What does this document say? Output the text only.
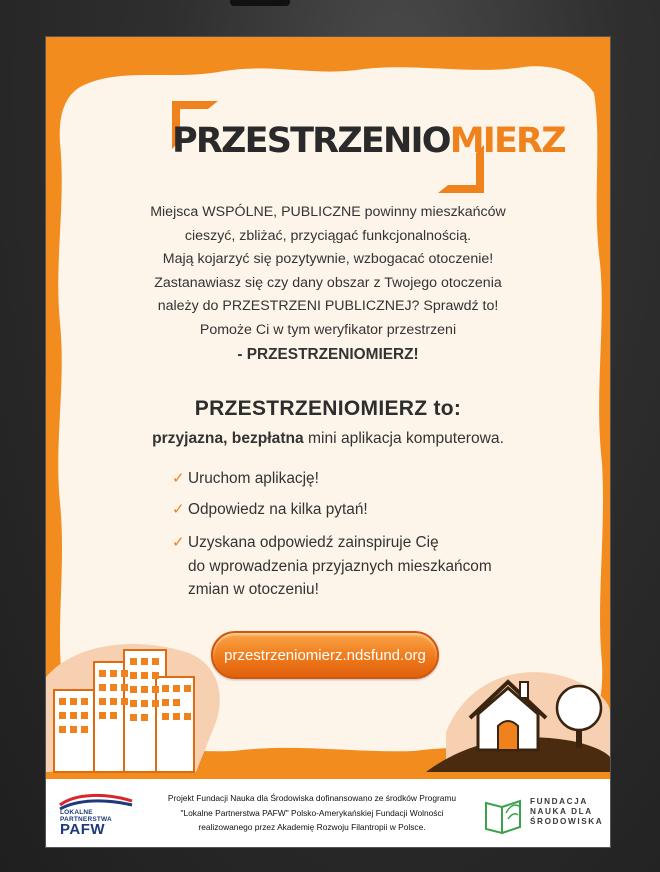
PRZESTRZENIOMIERZ
Miejsca WSPÓLNE, PUBLICZNE powinny mieszkańców
cieszyć, zbliżać, przyciągać funkcjonalnością.
Mają kojarzyć się pozytywnie, wzbogacać otoczenie!
Zastanawiasz się czy dany obszar z Twojego otoczenia
należy do PRZESTRZENI PUBLICZNEJ? Sprawdź to!
Pomoże Ci w tym weryfikator przestrzeni
- PRZESTRZENIOMIERZ!
PRZESTRZENIOMIERZ to:
przyjazna, bezpłatna mini aplikacja komputerowa.
✓ Uruchom aplikację!
✓ Odpowiedz na kilka pytań!
✓ Uzyskana odpowiedź zainspiruje Cię
do wprowadzenia przyjaznych mieszkańcom
zmian w otoczeniu!
przestrzeniomierz.ndsfund.org
LOKALNE
PARTNERSTWA
PAFW
Projekt Fundacji Nauka dla Środowiska dofinansowano ze środków Programu
"Lokalne Partnerstwa PAFW" Polsko-Amerykańskiej Fundacji Wolności
realizowanego przez Akademię Rozwoju Filantropii w Polsce.
FUNDACJA
NAUKA DLA
ŚRODOWISKA
